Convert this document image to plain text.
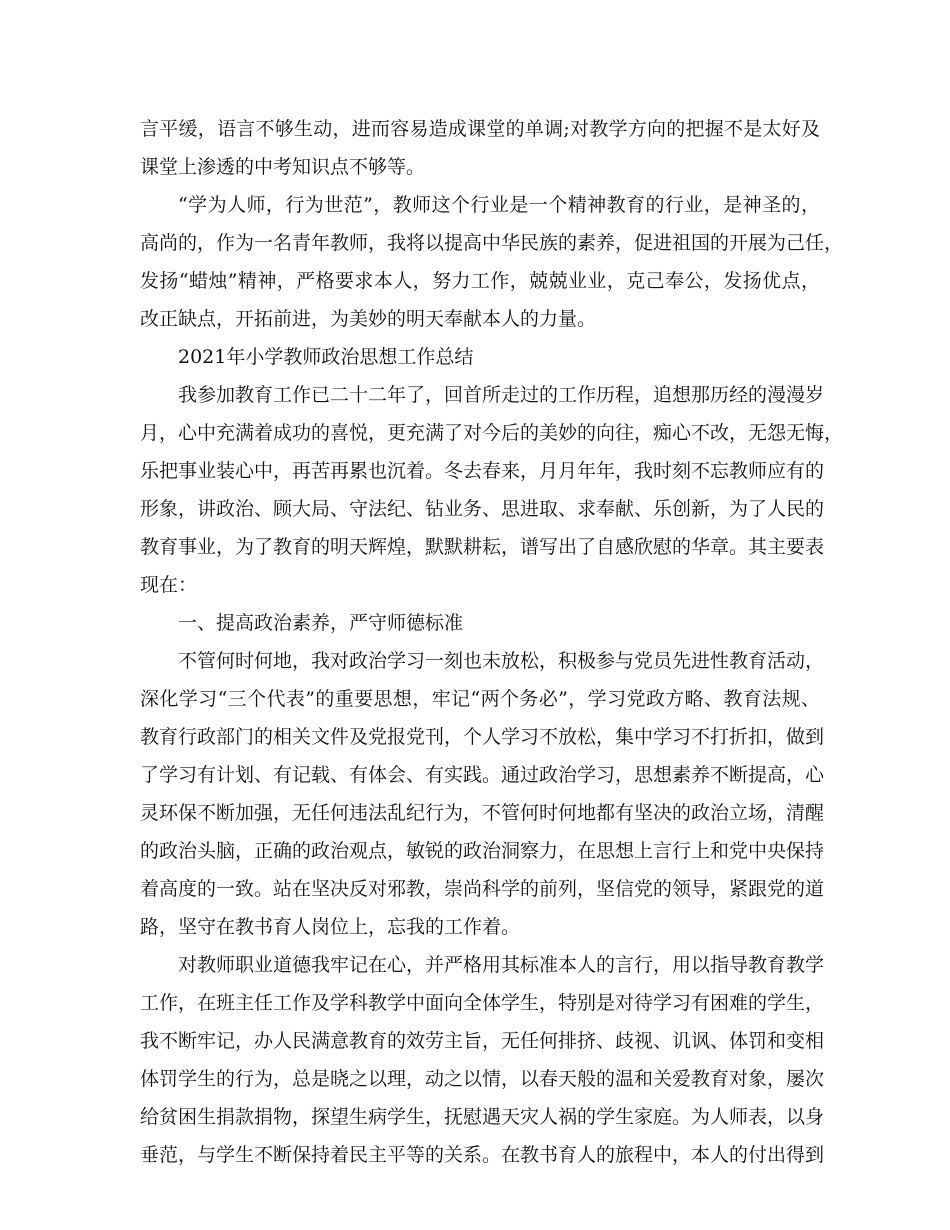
言平缓，语言不够生动，进而容易造成课堂的单调;对教学方向的把握不是太好及
课堂上渗透的中考知识点不够等。
“学为人师，行为世范”，教师这个行业是一个精神教育的行业，是神圣的，
高尚的，作为一名青年教师，我将以提高中华民族的素养，促进祖国的开展为己任，
发扬“蜡烛”精神，严格要求本人，努力工作，兢兢业业，克己奉公，发扬优点，
改正缺点，开拓前进，为美妙的明天奉献本人的力量。
2021年小学教师政治思想工作总结
我参加教育工作已二十二年了，回首所走过的工作历程，追想那历经的漫漫岁
月，心中充满着成功的喜悦，更充满了对今后的美妙的向往，痴心不改，无怨无悔，
乐把事业装心中，再苦再累也沉着。冬去春来，月月年年，我时刻不忘教师应有的
形象，讲政治、顾大局、守法纪、钻业务、思进取、求奉献、乐创新，为了人民的
教育事业，为了教育的明天辉煌，默默耕耘，谱写出了自感欣慰的华章。其主要表
现在：
一、提高政治素养，严守师德标准
不管何时何地，我对政治学习一刻也未放松，积极参与党员先进性教育活动，
深化学习“三个代表”的重要思想，牢记“两个务必”，学习党政方略、教育法规、
教育行政部门的相关文件及党报党刊，个人学习不放松，集中学习不打折扣，做到
了学习有计划、有记载、有体会、有实践。通过政治学习，思想素养不断提高，心
灵环保不断加强，无任何违法乱纪行为，不管何时何地都有坚决的政治立场，清醒
的政治头脑，正确的政治观点，敏锐的政治洞察力，在思想上言行上和党中央保持
着高度的一致。站在坚决反对邪教，崇尚科学的前列，坚信党的领导，紧跟党的道
路，坚守在教书育人岗位上，忘我的工作着。
对教师职业道德我牢记在心，并严格用其标准本人的言行，用以指导教育教学
工作，在班主任工作及学科教学中面向全体学生，特别是对待学习有困难的学生，
我不断牢记，办人民满意教育的效劳主旨，无任何排挤、歧视、讥讽、体罚和变相
体罚学生的行为，总是晓之以理，动之以情，以春天般的温和关爱教育对象，屡次
给贫困生捐款捐物，探望生病学生，抚慰遇天灾人祸的学生家庭。为人师表，以身
垂范，与学生不断保持着民主平等的关系。在教书育人的旅程中，本人的付出得到
